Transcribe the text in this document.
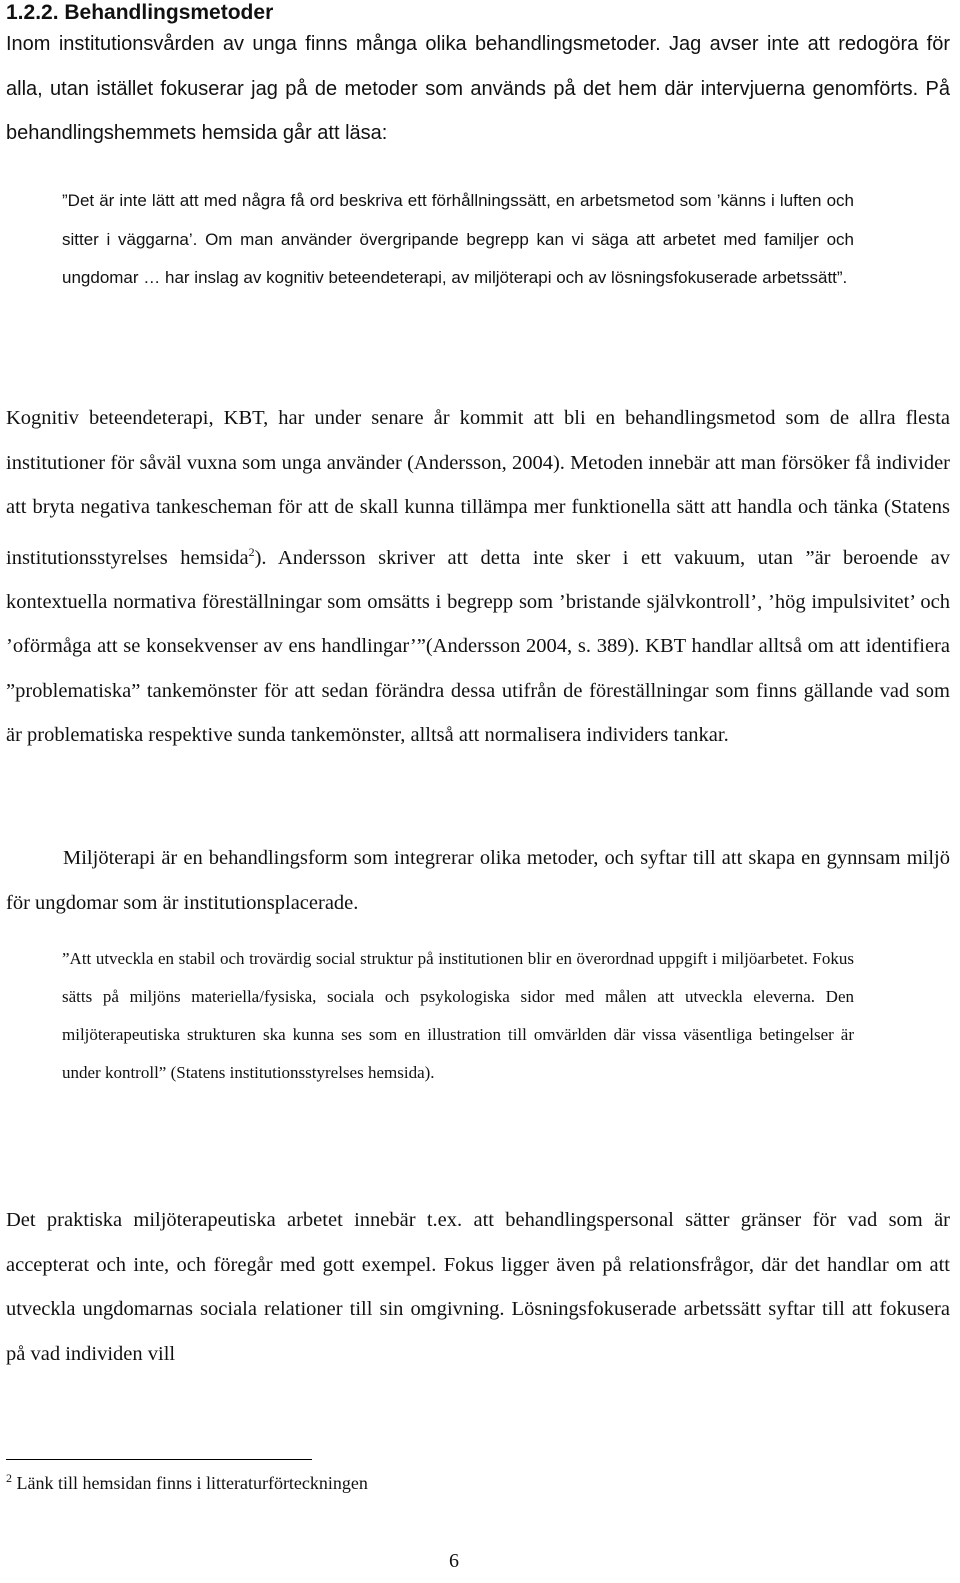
1.2.2. Behandlingsmetoder

Inom institutionsvården av unga finns många olika behandlingsmetoder. Jag avser inte att redogöra för alla, utan istället fokuserar jag på de metoder som används på det hem där intervjuerna genomförts. På behandlingshemmets hemsida går att läsa:

”Det är inte lätt att med några få ord beskriva ett förhållningssätt, en arbetsmetod som ’känns i luften och sitter i väggarna’. Om man använder övergripande begrepp kan vi säga att arbetet med familjer och ungdomar … har inslag av kognitiv beteendeterapi, av miljöterapi och av lösningsfokuserade arbetssätt”.

Kognitiv beteendeterapi, KBT, har under senare år kommit att bli en behandlingsmetod som de allra flesta institutioner för såväl vuxna som unga använder (Andersson, 2004). Metoden innebär att man försöker få individer att bryta negativa tankescheman för att de skall kunna tillämpa mer funktionella sätt att handla och tänka (Statens institutionsstyrelses hemsida$^2$). Andersson skriver att detta inte sker i ett vakuum, utan ”är beroende av kontextuella normativa föreställningar som omsätts i begrepp som ’bristande självkontroll’, ’hög impulsivitet’ och ’oförmåga att se konsekvenser av ens handlingar’”(Andersson 2004, s. 389). KBT handlar alltså om att identifiera ”problematiska” tankemönster för att sedan förändra dessa utifrån de föreställningar som finns gällande vad som är problematiska respektive sunda tankemönster, alltså att normalisera individers tankar.

Miljöterapi är en behandlingsform som integrerar olika metoder, och syftar till att skapa en gynnsam miljö för ungdomar som är institutionsplacerade.

”Att utveckla en stabil och trovärdig social struktur på institutionen blir en överordnad uppgift i miljöarbetet. Fokus sätts på miljöns materiella/fysiska, sociala och psykologiska sidor med målen att utveckla eleverna. Den miljöterapeutiska strukturen ska kunna ses som en illustration till omvärlden där vissa väsentliga betingelser är under kontroll” (Statens institutionsstyrelses hemsida).

Det praktiska miljöterapeutiska arbetet innebär t.ex. att behandlingspersonal sätter gränser för vad som är accepterat och inte, och föregår med gott exempel. Fokus ligger även på relationsfrågor, där det handlar om att utveckla ungdomarnas sociala relationer till sin omgivning. Lösningsfokuserade arbetssätt syftar till att fokusera på vad individen vill

$^2$ Länk till hemsidan finns i litteraturförteckningen

6
